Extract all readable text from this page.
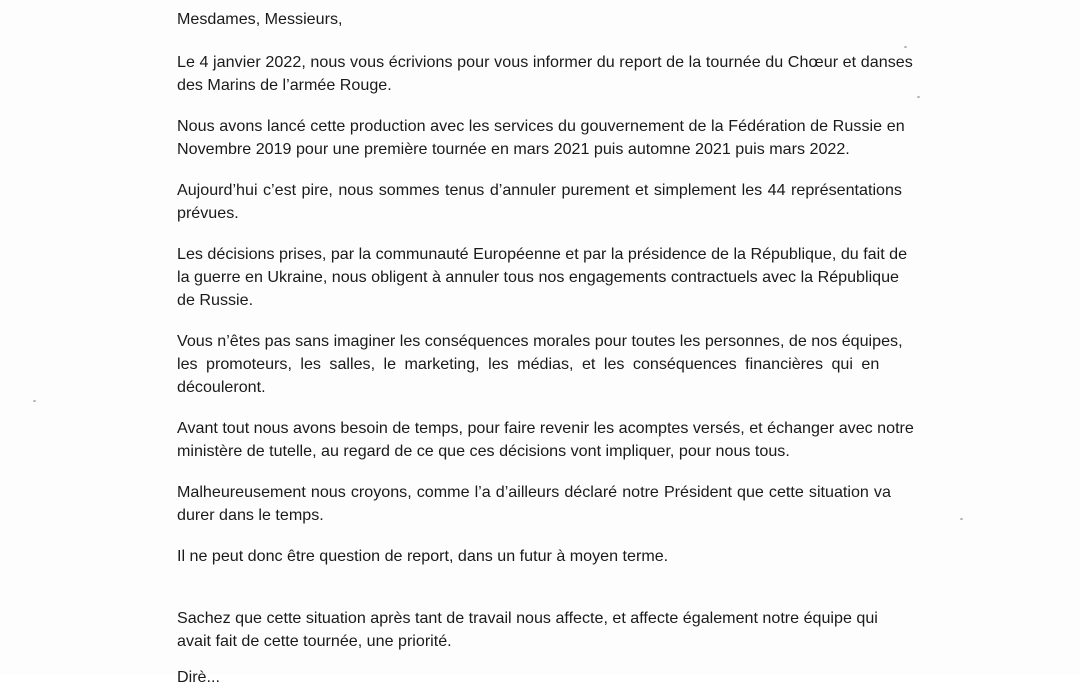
Mesdames, Messieurs,
Le 4 janvier 2022, nous vous écrivions pour vous informer du report de la tournée du Chœur et danses
des Marins de l’armée Rouge.
Nous avons lancé cette production avec les services du gouvernement de la Fédération de Russie en
Novembre 2019 pour une première tournée en mars 2021 puis automne 2021 puis mars 2022.
Aujourd’hui c’est pire, nous sommes tenus d’annuler purement et simplement les 44 représentations
prévues.
Les décisions prises, par la communauté Européenne et par la présidence de la République, du fait de
la guerre en Ukraine, nous obligent à annuler tous nos engagements contractuels avec la République
de Russie.
Vous n’êtes pas sans imaginer les conséquences morales pour toutes les personnes, de nos équipes,
les promoteurs, les salles, le marketing, les médias, et les conséquences financières qui en
découleront.
Avant tout nous avons besoin de temps, pour faire revenir les acomptes versés, et échanger avec notre
ministère de tutelle, au regard de ce que ces décisions vont impliquer, pour nous tous.
Malheureusement nous croyons, comme l’a d’ailleurs déclaré notre Président que cette situation va
durer dans le temps.
Il ne peut donc être question de report, dans un futur à moyen terme.
Sachez que cette situation après tant de travail nous affecte, et affecte également notre équipe qui
avait fait de cette tournée, une priorité.
Dirè...
